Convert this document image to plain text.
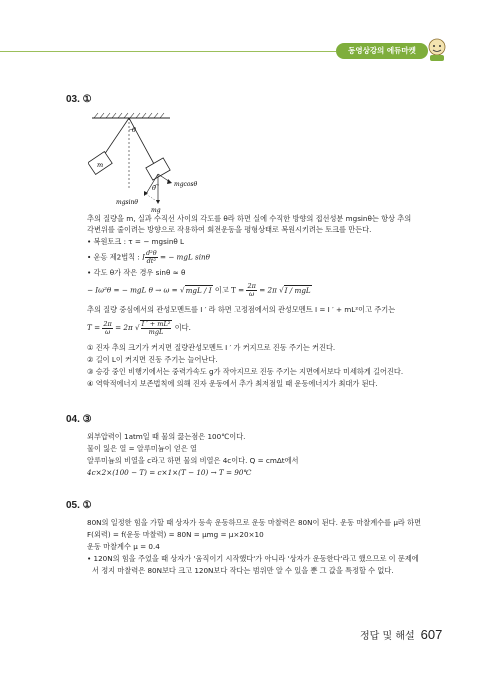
동영상강의 에듀마켓
03. ①
θ
θ
m
mgcosθ
mgsinθ
mg
추의 질량을 m, 실과 수직선 사이의 각도를 θ라 하면 실에 수직한 방향의 접선성분 mgsinθ는 항상 추의
각변위를 줄이려는 방향으로 작용하여 회전운동을 평형상태로 복원시키려는 토크를 만든다.
• 복원토크 : τ = − mgsinθ L
• 운동 제2법칙 : I $\frac{\text{d²θ}}{\text{dt²}}$ = − mgL sinθ
• 각도 θ가 작은 경우 sinθ ≈ θ
− Iω²θ = − mgL θ → ω = √mgL / I 이고 $T = \frac{2\pi}{\omega} = 2\pi$ √I / mgL
추의 질량 중심에서의 관성모멘트를 I ′ 라 하면 고정점에서의 관성모멘트 I = I ′ + mL²이고 주기는
$T = \frac{2\pi}{\omega} = 2\pi$ √ $\frac{\text{I ′ + mL²}}{\text{mgL}}$ 이다.
① 진자 추의 크기가 커지면 질량관성모멘트 I ′ 가 커지므로 진동 주기는 커진다.
② 길이 L이 커지면 진동 주기는 늘어난다.
③ 승강 중인 비행기에서는 중력가속도 g가 작아지므로 진동 주기는 지면에서보다 미세하게 길어진다.
④ 역학적에너지 보존법칙에 의해 진자 운동에서 추가 최저점일 때 운동에너지가 최대가 된다.
04. ③
외부압력이 1atm일 때 물의 끓는점은 100℃이다.
물이 잃은 열 = 알루미늄이 얻은 열
알루미늄의 비열을 c라고 하면 물의 비열은 4c이다. Q = cmΔt에서
4c×2×(100 − T) = c×1×(T − 10) → T = 90℃
05. ①
80N의 일정한 힘을 가할 때 상자가 등속 운동하므로 운동 마찰력은 80N이 된다. 운동 마찰계수를 μ라 하면
F(외력) = f(운동 마찰력) = 80N = μmg = μ×20×10
운동 마찰계수 μ = 0.4
• 120N의 힘을 주었을 때 상자가 '움직이기 시작했다'가 아니라 '상자가 운동한다'라고 했으므로 이 문제에
서 정지 마찰력은 80N보다 크고 120N보다 작다는 범위만 알 수 있을 뿐 그 값을 특정할 수 없다.
정답 및 해설 607
